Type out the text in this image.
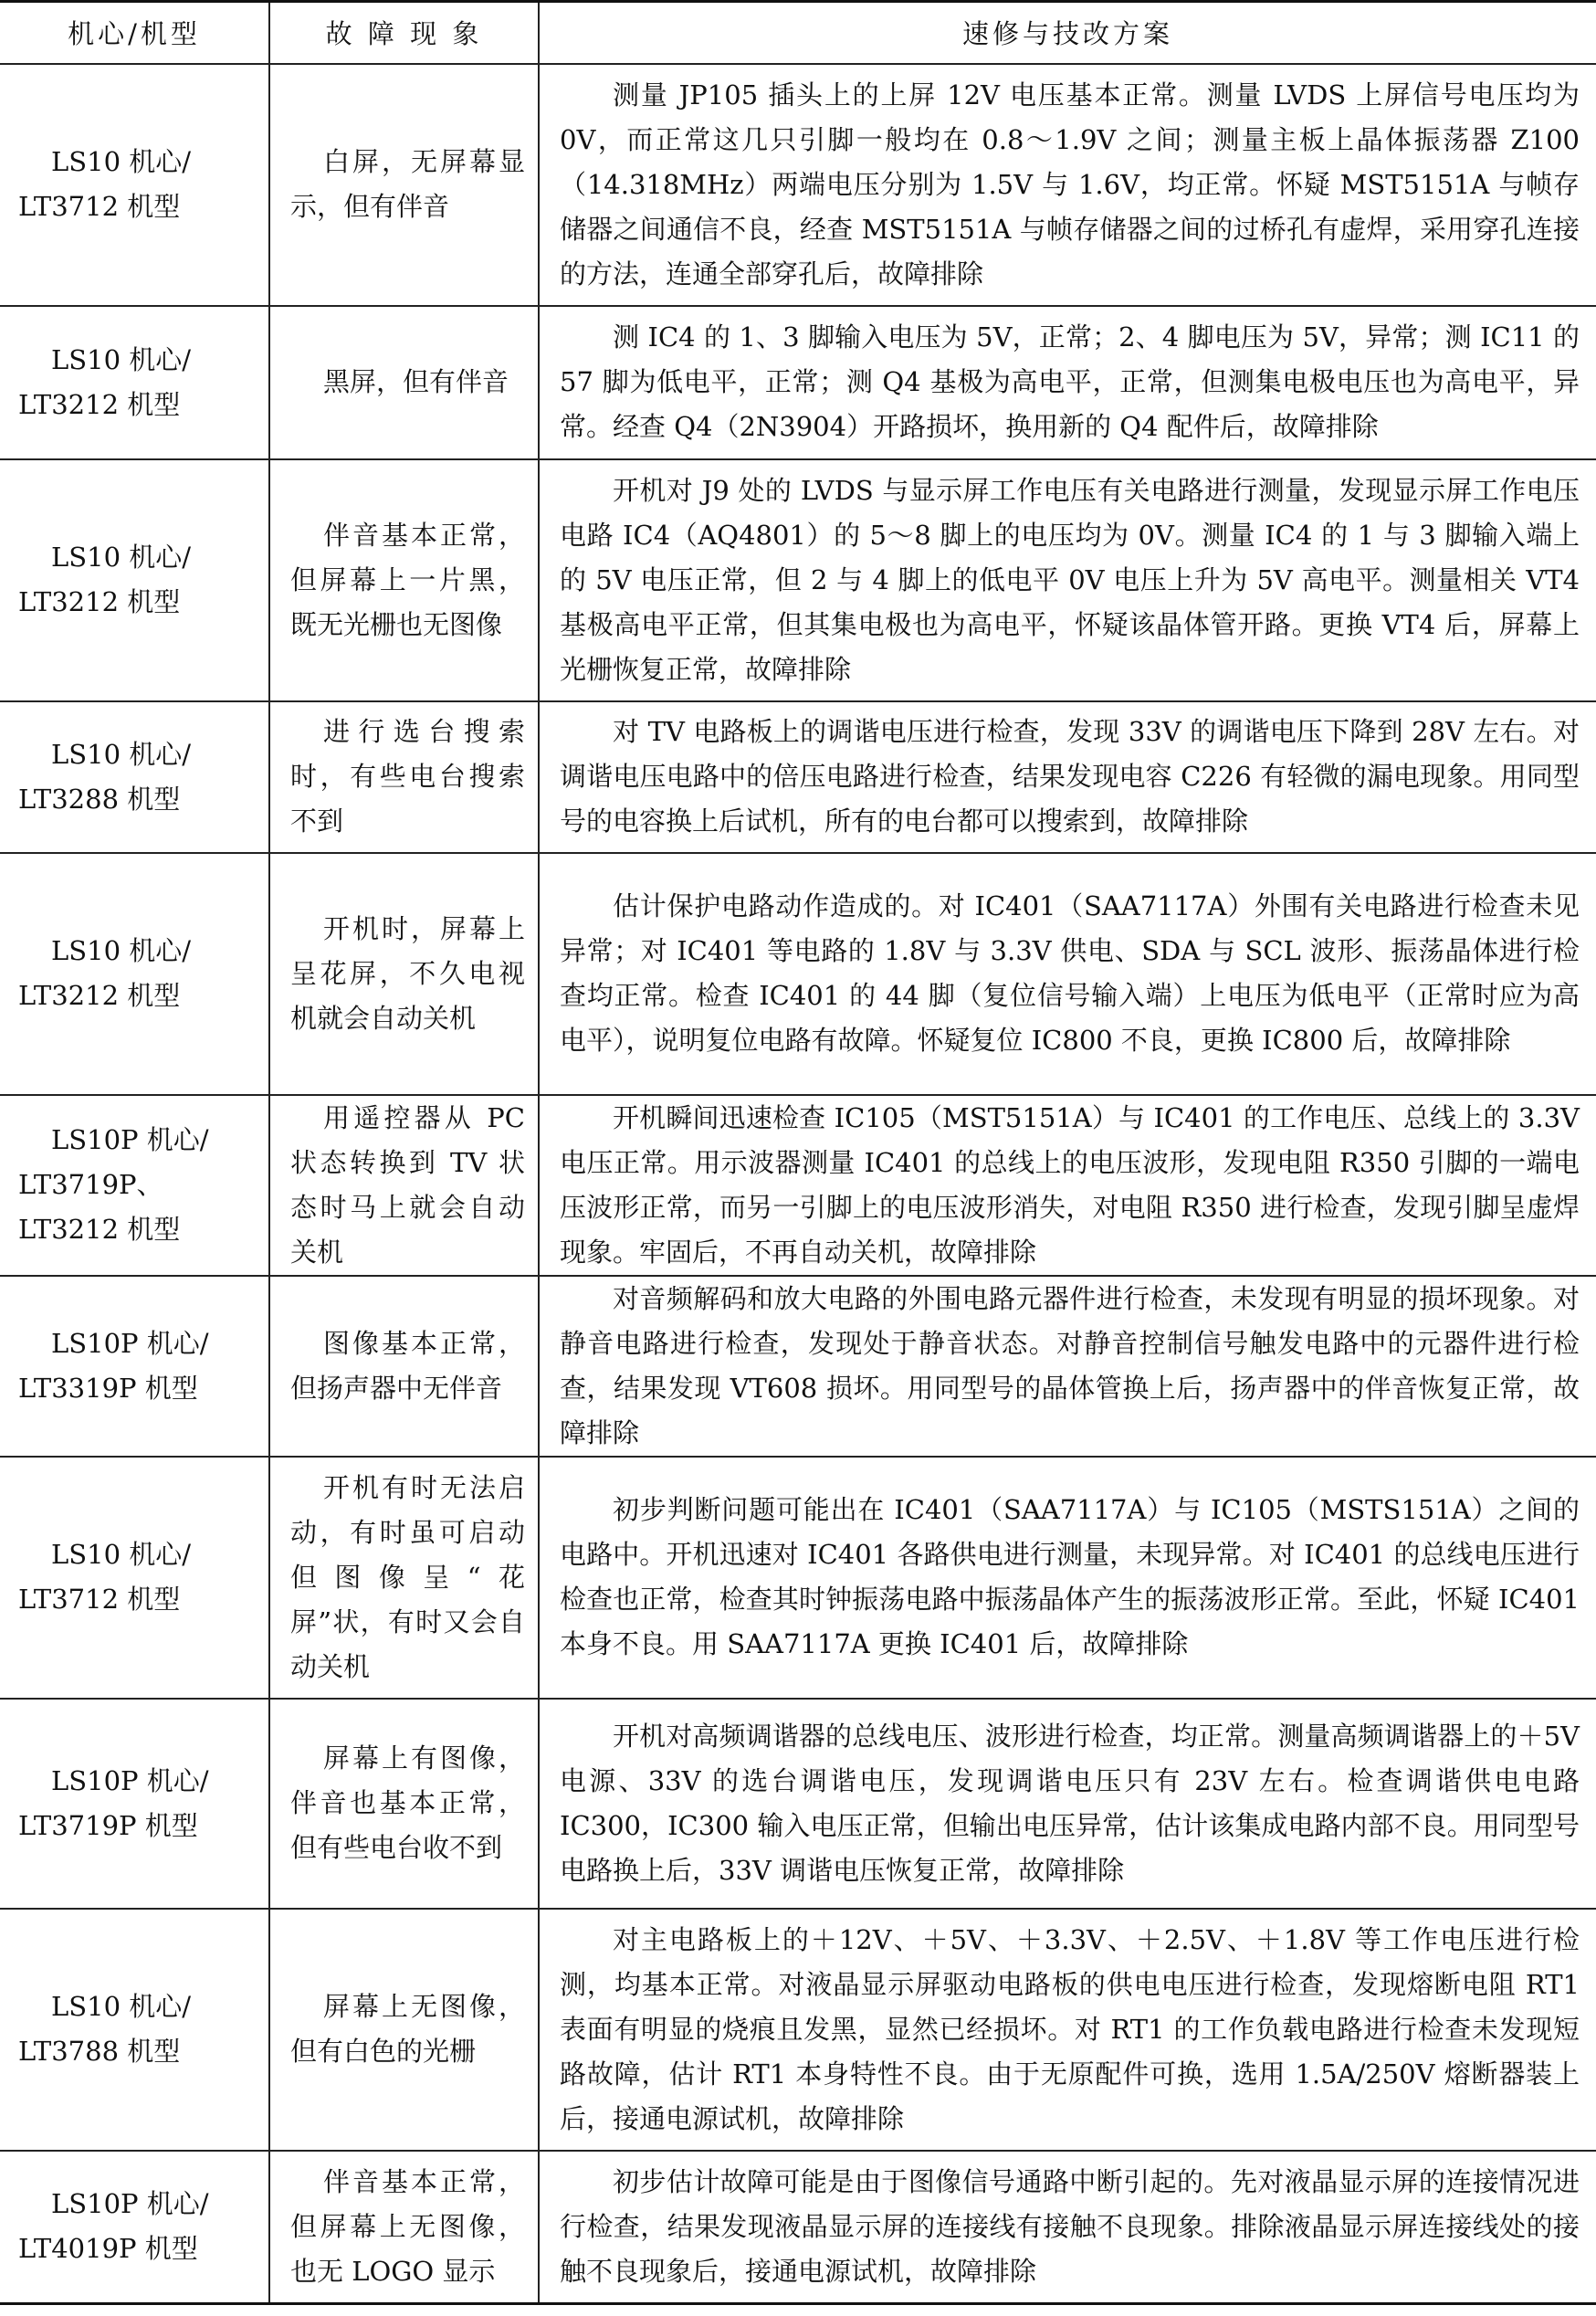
机心/机型	故 障 现 象	速修与技改方案

LS10 机心/
LT3712 机型	白屏，无屏幕显示，但有伴音	测量 JP105 插头上的上屏 12V 电压基本正常。测量 LVDS 上屏信号电压均为 0V，而正常这几只引脚一般均在 0.8～1.9V 之间；测量主板上晶体振荡器 Z100（14.318MHz）两端电压分别为 1.5V 与 1.6V，均正常。怀疑 MST5151A 与帧存储器之间通信不良，经查 MST5151A 与帧存储器之间的过桥孔有虚焊，采用穿孔连接的方法，连通全部穿孔后，故障排除

LS10 机心/
LT3212 机型	黑屏，但有伴音	测 IC4 的 1、3 脚输入电压为 5V，正常；2、4 脚电压为 5V，异常；测 IC11 的 57 脚为低电平，正常；测 Q4 基极为高电平，正常，但测集电极电压也为高电平，异常。经查 Q4（2N3904）开路损坏，换用新的 Q4 配件后，故障排除

LS10 机心/
LT3212 机型	伴音基本正常，但屏幕上一片黑，既无光栅也无图像	开机对 J9 处的 LVDS 与显示屏工作电压有关电路进行测量，发现显示屏工作电压电路 IC4（AQ4801）的 5～8 脚上的电压均为 0V。测量 IC4 的 1 与 3 脚输入端上的 5V 电压正常，但 2 与 4 脚上的低电平 0V 电压上升为 5V 高电平。测量相关 VT4 基极高电平正常，但其集电极也为高电平，怀疑该晶体管开路。更换 VT4 后，屏幕上光栅恢复正常，故障排除

LS10 机心/
LT3288 机型	进行选台搜索时，有些电台搜索不到	对 TV 电路板上的调谐电压进行检查，发现 33V 的调谐电压下降到 28V 左右。对调谐电压电路中的倍压电路进行检查，结果发现电容 C226 有轻微的漏电现象。用同型号的电容换上后试机，所有的电台都可以搜索到，故障排除

LS10 机心/
LT3212 机型	开机时，屏幕上呈花屏，不久电视机就会自动关机	估计保护电路动作造成的。对 IC401（SAA7117A）外围有关电路进行检查未见异常；对 IC401 等电路的 1.8V 与 3.3V 供电、SDA 与 SCL 波形、振荡晶体进行检查均正常。检查 IC401 的 44 脚（复位信号输入端）上电压为低电平（正常时应为高电平），说明复位电路有故障。怀疑复位 IC800 不良，更换 IC800 后，故障排除

LS10P 机心/
LT3719P、LT3212 机型	用遥控器从 PC 状态转换到 TV 状态时马上就会自动关机	开机瞬间迅速检查 IC105（MST5151A）与 IC401 的工作电压、总线上的 3.3V 电压正常。用示波器测量 IC401 的总线上的电压波形，发现电阻 R350 引脚的一端电压波形正常，而另一引脚上的电压波形消失，对电阻 R350 进行检查，发现引脚呈虚焊现象。牢固后，不再自动关机，故障排除

LS10P 机心/
LT3319P 机型	图像基本正常，但扬声器中无伴音	对音频解码和放大电路的外围电路元器件进行检查，未发现有明显的损坏现象。对静音电路进行检查，发现处于静音状态。对静音控制信号触发电路中的元器件进行检查，结果发现 VT608 损坏。用同型号的晶体管换上后，扬声器中的伴音恢复正常，故障排除

LS10 机心/
LT3712 机型	开机有时无法启动，有时虽可启动但图像呈“花屏”状，有时又会自动关机	初步判断问题可能出在 IC401（SAA7117A）与 IC105（MSTS151A）之间的电路中。开机迅速对 IC401 各路供电进行测量，未现异常。对 IC401 的总线电压进行检查也正常，检查其时钟振荡电路中振荡晶体产生的振荡波形正常。至此，怀疑 IC401 本身不良。用 SAA7117A 更换 IC401 后，故障排除

LS10P 机心/
LT3719P 机型	屏幕上有图像，伴音也基本正常，但有些电台收不到	开机对高频调谐器的总线电压、波形进行检查，均正常。测量高频调谐器上的＋5V 电源、33V 的选台调谐电压，发现调谐电压只有 23V 左右。检查调谐供电电路 IC300，IC300 输入电压正常，但输出电压异常，估计该集成电路内部不良。用同型号电路换上后，33V 调谐电压恢复正常，故障排除

LS10 机心/
LT3788 机型	屏幕上无图像，但有白色的光栅	对主电路板上的＋12V、＋5V、＋3.3V、＋2.5V、＋1.8V 等工作电压进行检测，均基本正常。对液晶显示屏驱动电路板的供电电压进行检查，发现熔断电阻 RT1 表面有明显的烧痕且发黑，显然已经损坏。对 RT1 的工作负载电路进行检查未发现短路故障，估计 RT1 本身特性不良。由于无原配件可换，选用 1.5A/250V 熔断器装上后，接通电源试机，故障排除

LS10P 机心/
LT4019P 机型	伴音基本正常，但屏幕上无图像，也无 LOGO 显示	初步估计故障可能是由于图像信号通路中断引起的。先对液晶显示屏的连接情况进行检查，结果发现液晶显示屏的连接线有接触不良现象。排除液晶显示屏连接线处的接触不良现象后，接通电源试机，故障排除
